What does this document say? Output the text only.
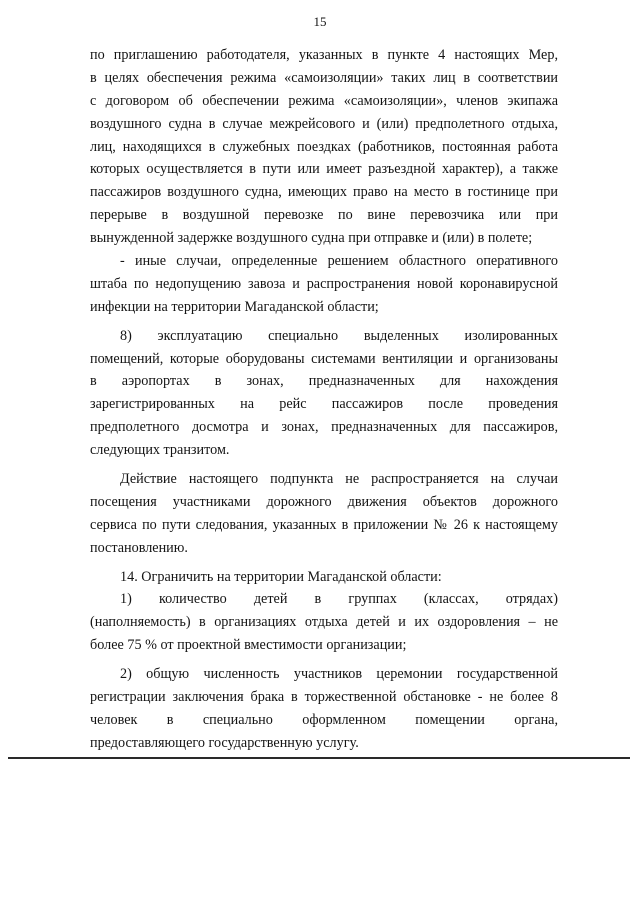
15
по приглашению работодателя, указанных в пункте 4 настоящих Мер,
в целях обеспечения режима «самоизоляции» таких лиц в соответствии
с договором об обеспечении режима «самоизоляции», членов экипажа
воздушного судна в случае межрейсового и (или) предполетного отдыха,
лиц, находящихся в служебных поездках (работников, постоянная работа
которых осуществляется в пути или имеет разъездной характер), а также
пассажиров воздушного судна, имеющих право на место в гостинице при
перерыве в воздушной перевозке по вине перевозчика или при
вынужденной задержке воздушного судна при отправке и (или) в полете;
- иные случаи, определенные решением областного оперативного
штаба по недопущению завоза и распространения новой коронавирусной
инфекции на территории Магаданской области;
8) эксплуатацию специально выделенных изолированных
помещений, которые оборудованы системами вентиляции и организованы
в аэропортах в зонах, предназначенных для нахождения
зарегистрированных на рейс пассажиров после проведения
предполетного досмотра и зонах, предназначенных для пассажиров,
следующих транзитом.
Действие настоящего подпункта не распространяется на случаи
посещения участниками дорожного движения объектов дорожного
сервиса по пути следования, указанных в приложении № 26 к настоящему
постановлению.
14. Ограничить на территории Магаданской области:
1) количество детей в группах (классах, отрядах)
(наполняемость) в организациях отдыха детей и их оздоровления – не
более 75 % от проектной вместимости организации;
2) общую численность участников церемонии государственной
регистрации заключения брака в торжественной обстановке - не более 8
человек в специально оформленном помещении органа,
предоставляющего государственную услугу.
